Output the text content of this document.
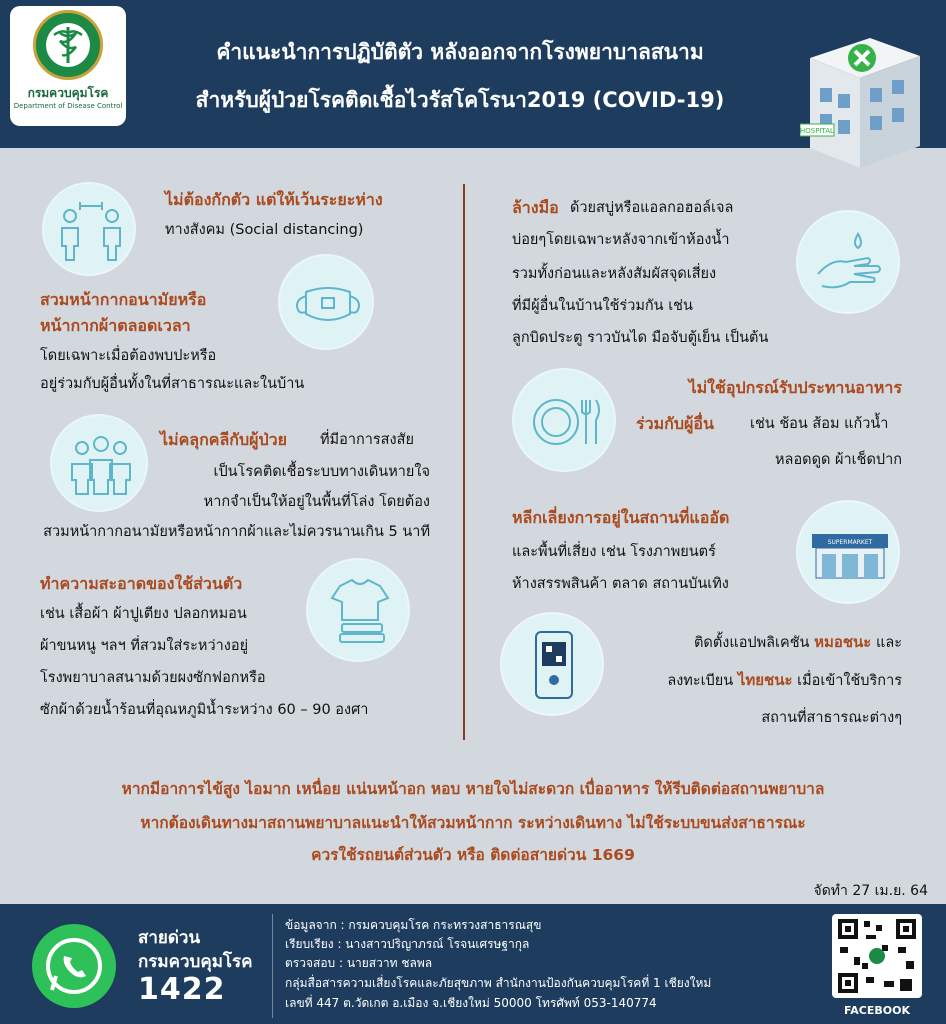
กรมควบคุมโรค
Department of Disease Control
คำแนะนำการปฏิบัติตัว หลังออกจากโรงพยาบาลสนาม
สำหรับผู้ป่วยโรคติดเชื้อไวรัสโคโรนา2019 (COVID-19)
HOSPITAL
ไม่ต้องกักตัว แต่ให้เว้นระยะห่าง
ทางสังคม (Social distancing)
สวมหน้ากากอนามัยหรือ
หน้ากากผ้าตลอดเวลา
โดยเฉพาะเมื่อต้องพบปะหรือ
อยู่ร่วมกับผู้อื่นทั้งในที่สาธารณะและในบ้าน
ไม่คลุกคลีกับผู้ป่วย ที่มีอาการสงสัย
เป็นโรคติดเชื้อระบบทางเดินหายใจ
หากจำเป็นให้อยู่ในพื้นที่โล่ง โดยต้อง
สวมหน้ากากอนามัยหรือหน้ากากผ้าและไม่ควรนานเกิน 5 นาที
ทำความสะอาดของใช้ส่วนตัว
เช่น เสื้อผ้า ผ้าปูเตียง ปลอกหมอน
ผ้าขนหนู ฯลฯ ที่สวมใส่ระหว่างอยู่
โรงพยาบาลสนามด้วยผงซักฟอกหรือ
ซักผ้าด้วยน้ำร้อนที่อุณหภูมิน้ำระหว่าง 60 – 90 องศา
ล้างมือ ด้วยสบู่หรือแอลกอฮอล์เจล
บ่อยๆโดยเฉพาะหลังจากเข้าห้องน้ำ
รวมทั้งก่อนและหลังสัมผัสจุดเสี่ยง
ที่มีผู้อื่นในบ้านใช้ร่วมกัน เช่น
ลูกบิดประตู ราวบันได มือจับตู้เย็น เป็นต้น
ไม่ใช้อุปกรณ์รับประทานอาหาร
ร่วมกับผู้อื่น เช่น ช้อน ส้อม แก้วน้ำ
หลอดดูด ผ้าเช็ดปาก
SUPERMARKET
หลีกเลี่ยงการอยู่ในสถานที่แออัด
และพื้นที่เสี่ยง เช่น โรงภาพยนตร์
ห้างสรรพสินค้า ตลาด สถานบันเทิง
ติดตั้งแอปพลิเคชัน หมอชนะ และ
ลงทะเบียน ไทยชนะ เมื่อเข้าใช้บริการ
สถานที่สาธารณะต่างๆ
หากมีอาการไข้สูง ไอมาก เหนื่อย แน่นหน้าอก หอบ หายใจไม่สะดวก เบื่ออาหาร ให้รีบติดต่อสถานพยาบาล
หากต้องเดินทางมาสถานพยาบาลแนะนำให้สวมหน้ากาก ระหว่างเดินทาง ไม่ใช้ระบบขนส่งสาธารณะ
ควรใช้รถยนต์ส่วนตัว หรือ ติดต่อสายด่วน 1669
จัดทำ 27 เม.ย. 64
สายด่วน
กรมควบคุมโรค
1422
ข้อมูลจาก : กรมควบคุมโรค กระทรวงสาธารณสุข
เรียบเรียง : นางสาวปริญาภรณ์ โรจนเศรษฐากุล
ตรวจสอบ : นายสวาท ชลพล
กลุ่มสื่อสารความเสี่ยงโรคและภัยสุขภาพ สำนักงานป้องกันควบคุมโรคที่ 1 เชียงใหม่
เลขที่ 447 ต.วัดเกต อ.เมือง จ.เชียงใหม่ 50000 โทรศัพท์ 053-140774
FACEBOOK
